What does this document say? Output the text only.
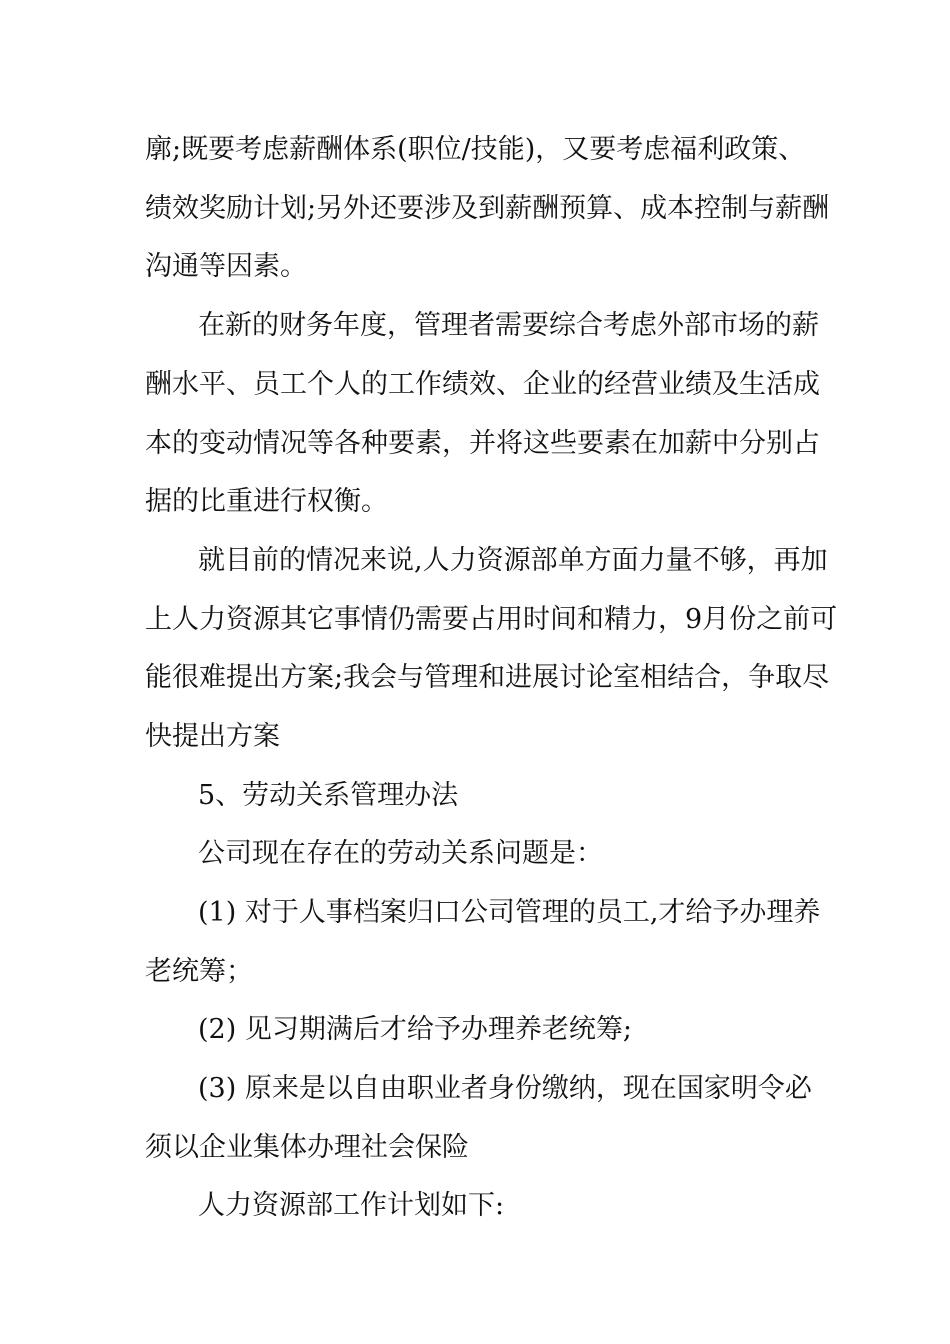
廓;既要考虑薪酬体系(职位/技能)，又要考虑福利政策、
绩效奖励计划;另外还要涉及到薪酬预算、成本控制与薪酬
沟通等因素。
在新的财务年度，管理者需要综合考虑外部市场的薪
酬水平、员工个人的工作绩效、企业的经营业绩及生活成
本的变动情况等各种要素，并将这些要素在加薪中分别占
据的比重进行权衡。
就目前的情况来说,人力资源部单方面力量不够，再加
上人力资源其它事情仍需要占用时间和精力，9月份之前可
能很难提出方案;我会与管理和进展讨论室相结合，争取尽
快提出方案
5、劳动关系管理办法
公司现在存在的劳动关系问题是：
(1) 对于人事档案归口公司管理的员工,才给予办理养
老统筹；
(2) 见习期满后才给予办理养老统筹;
(3) 原来是以自由职业者身份缴纳，现在国家明令必
须以企业集体办理社会保险
人力资源部工作计划如下:
